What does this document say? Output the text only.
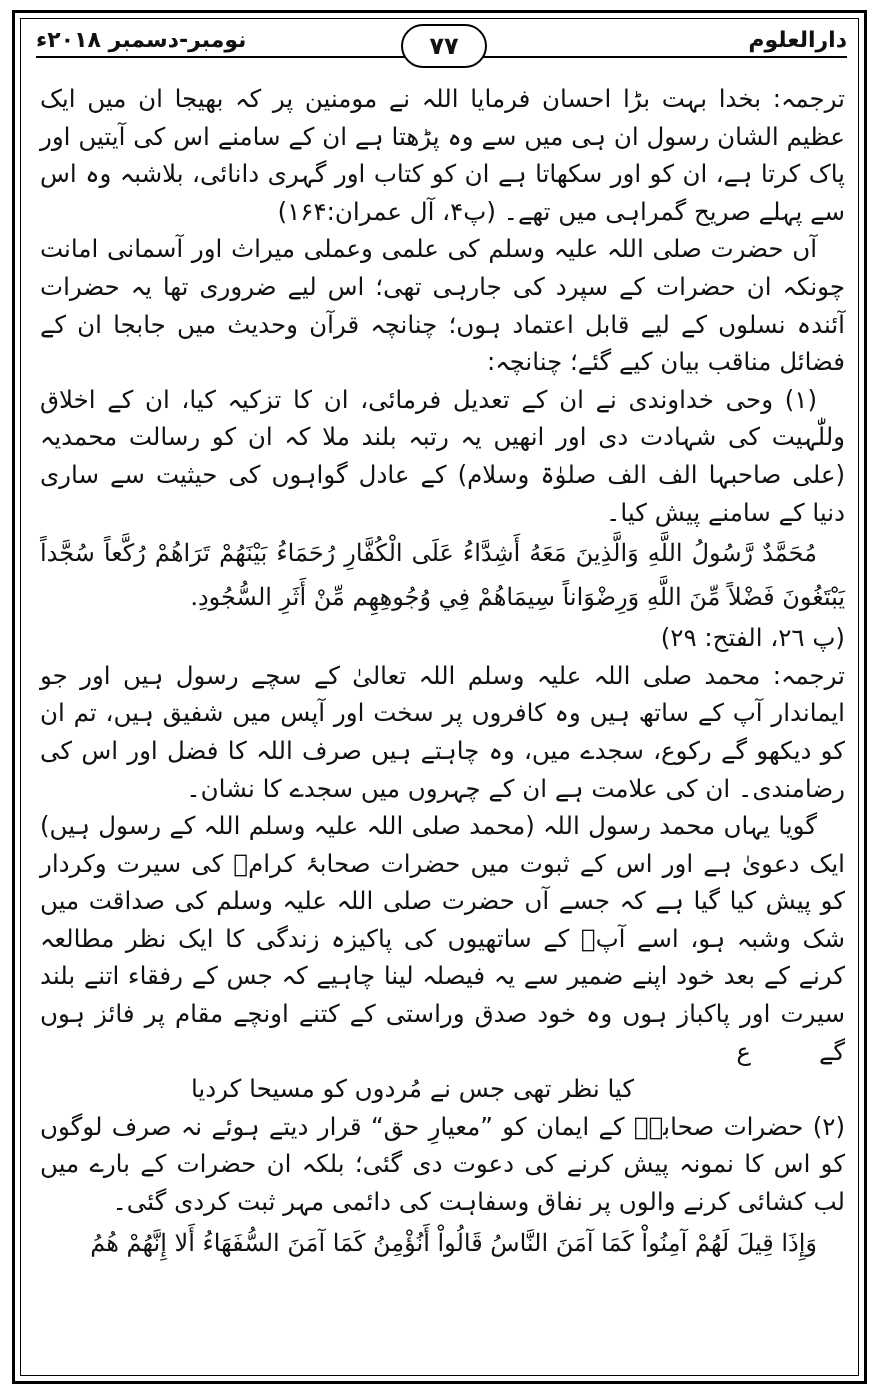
نومبر-دسمبر ۲۰۱۸ء	۷۷	دارالعلوم

ترجمہ: بخدا بہت بڑا احسان فرمایا اللہ نے مومنین پر کہ بھیجا ان میں ایک عظیم الشان رسول ان ہی میں سے وہ پڑھتا ہے ان کے سامنے اس کی آیتیں اور پاک کرتا ہے، ان کو اور سکھاتا ہے ان کو کتاب اور گہری دانائی، بلاشبہ وہ اس سے پہلے صریح گمراہی میں تھے۔ (پ۴، آل عمران:۱۶۴)

آں حضرت صلی اللہ علیہ وسلم کی علمی وعملی میراث اور آسمانی امانت چونکہ ان حضرات کے سپرد کی جارہی تھی؛ اس لیے ضروری تھا یہ حضرات آئندہ نسلوں کے لیے قابل اعتماد ہوں؛ چنانچہ قرآن وحدیث میں جابجا ان کے فضائل مناقب بیان کیے گئے؛ چنانچہ:

(۱) وحی خداوندی نے ان کے تعدیل فرمائی، ان کا تزکیہ کیا، ان کے اخلاق وللّٰہیت کی شہادت دی اور انھیں یہ رتبہ بلند ملا کہ ان کو رسالت محمدیہ (علی صاحبہا الف الف صلوٰۃ وسلام) کے عادل گواہوں کی حیثیت سے ساری دنیا کے سامنے پیش کیا۔

مُحَمَّدٌ رَّسُولُ اللَّهِ وَالَّذِينَ مَعَهُ أَشِدَّاءُ عَلَى الْكُفَّارِ رُحَمَاءُ بَيْنَهُمْ تَرَاهُمْ رُكَّعاً سُجَّداً يَبْتَغُونَ فَضْلاً مِّنَ اللَّهِ وَرِضْوَاناً سِيمَاهُمْ فِي وُجُوهِهِم مِّنْ أَثَرِ السُّجُودِ.

(پ ٢٦، الفتح: ٢٩)

ترجمہ: محمد صلی اللہ علیہ وسلم اللہ تعالیٰ کے سچے رسول ہیں اور جو ایماندار آپ کے ساتھ ہیں وہ کافروں پر سخت اور آپس میں شفیق ہیں، تم ان کو دیکھو گے رکوع، سجدے میں، وہ چاہتے ہیں صرف اللہ کا فضل اور اس کی رضامندی۔ ان کی علامت ہے ان کے چہروں میں سجدے کا نشان۔

گویا یہاں محمد رسول اللہ (محمد صلی اللہ علیہ وسلم اللہ کے رسول ہیں) ایک دعویٰ ہے اور اس کے ثبوت میں حضرات صحابۂ کرامؓ کی سیرت وکردار کو پیش کیا گیا ہے کہ جسے آں حضرت صلی اللہ علیہ وسلم کی صداقت میں شک وشبہ ہو، اسے آپؐ کے ساتھیوں کی پاکیزہ زندگی کا ایک نظر مطالعہ کرنے کے بعد خود اپنے ضمیر سے یہ فیصلہ لینا چاہیے کہ جس کے رفقاء اتنے بلند سیرت اور پاکباز ہوں وہ خود صدق وراستی کے کتنے اونچے مقام پر فائز ہوں گےع

کیا نظر تھی جس نے مُردوں کو مسیحا کردیا

(۲) حضرات صحابہؓ کے ایمان کو ”معیارِ حق“ قرار دیتے ہوئے نہ صرف لوگوں کو اس کا نمونہ پیش کرنے کی دعوت دی گئی؛ بلکہ ان حضرات کے بارے میں لب کشائی کرنے والوں پر نفاق وسفاہت کی دائمی مہر ثبت کردی گئی۔

وَإِذَا قِيلَ لَهُمْ آمِنُواْ كَمَا آمَنَ النَّاسُ قَالُواْ أَنُؤْمِنُ كَمَا آمَنَ السُّفَهَاءُ أَلا إِنَّهُمْ هُمُ
